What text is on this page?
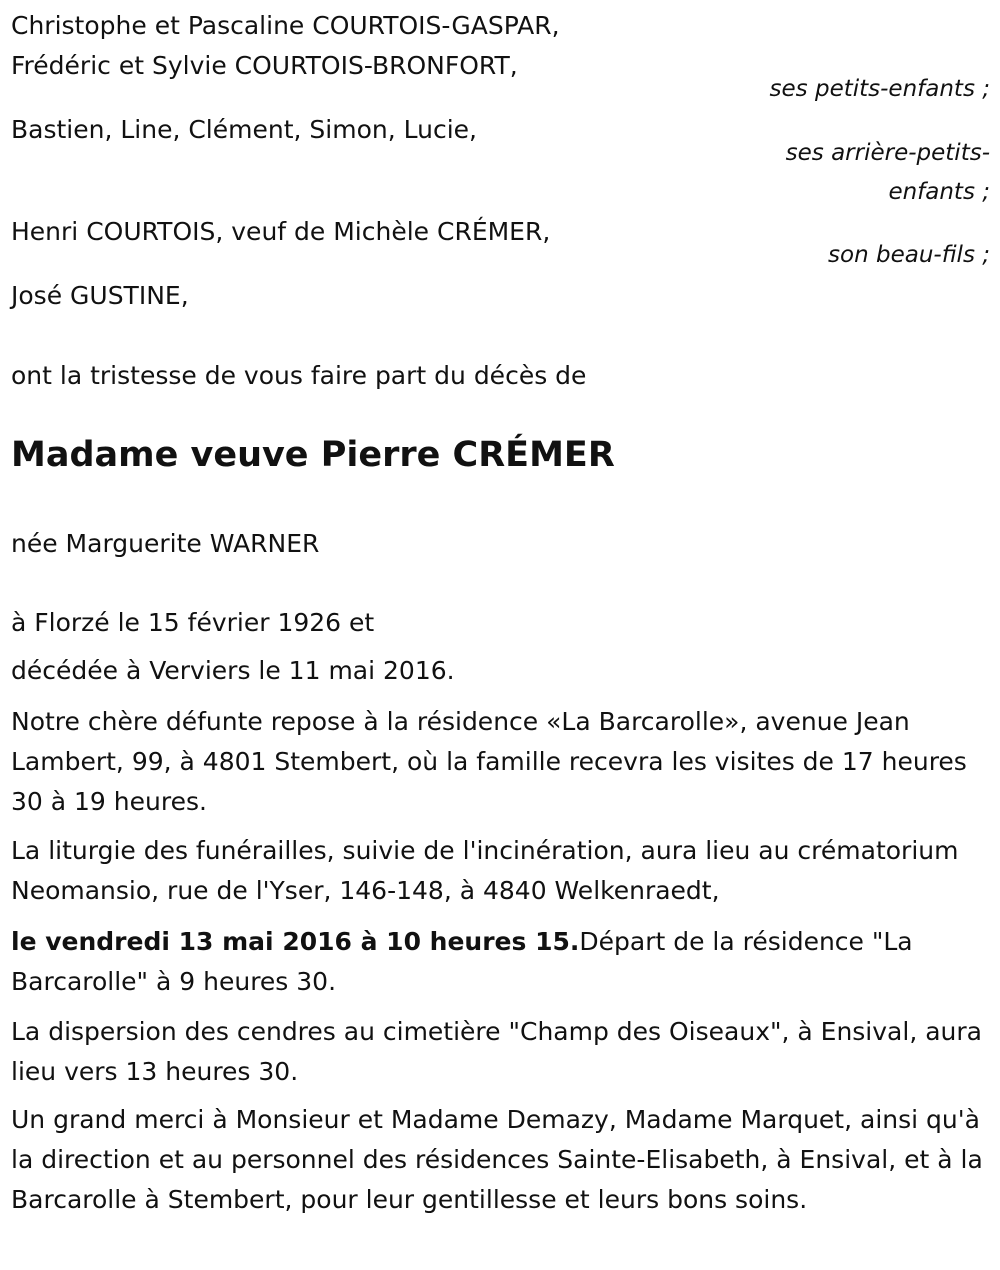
Christophe et Pascaline COURTOIS-GASPAR,
Frédéric et Sylvie COURTOIS-BRONFORT,
ses petits-enfants ;
Bastien, Line, Clément, Simon, Lucie,
ses arrière-petits-
enfants ;
Henri COURTOIS, veuf de Michèle CRÉMER,
son beau-fils ;
José GUSTINE,
ont la tristesse de vous faire part du décès de
Madame veuve Pierre CRÉMER
née Marguerite WARNER
à Florzé le 15 février 1926 et
décédée à Verviers le 11 mai 2016.
Notre chère défunte repose à la résidence «La Barcarolle», avenue Jean Lambert, 99, à 4801 Stembert, où la famille recevra les visites de 17 heures 30 à 19 heures.
La liturgie des funérailles, suivie de l'incinération, aura lieu au crématorium Neomansio, rue de l'Yser, 146-148, à 4840 Welkenraedt,
le vendredi 13 mai 2016 à 10 heures 15.Départ de la résidence "La Barcarolle" à 9 heures 30.
La dispersion des cendres au cimetière "Champ des Oiseaux", à Ensival, aura lieu vers 13 heures 30.
Un grand merci à Monsieur et Madame Demazy, Madame Marquet, ainsi qu'à la direction et au personnel des résidences Sainte-Elisabeth, à Ensival, et à la Barcarolle à Stembert, pour leur gentillesse et leurs bons soins.
